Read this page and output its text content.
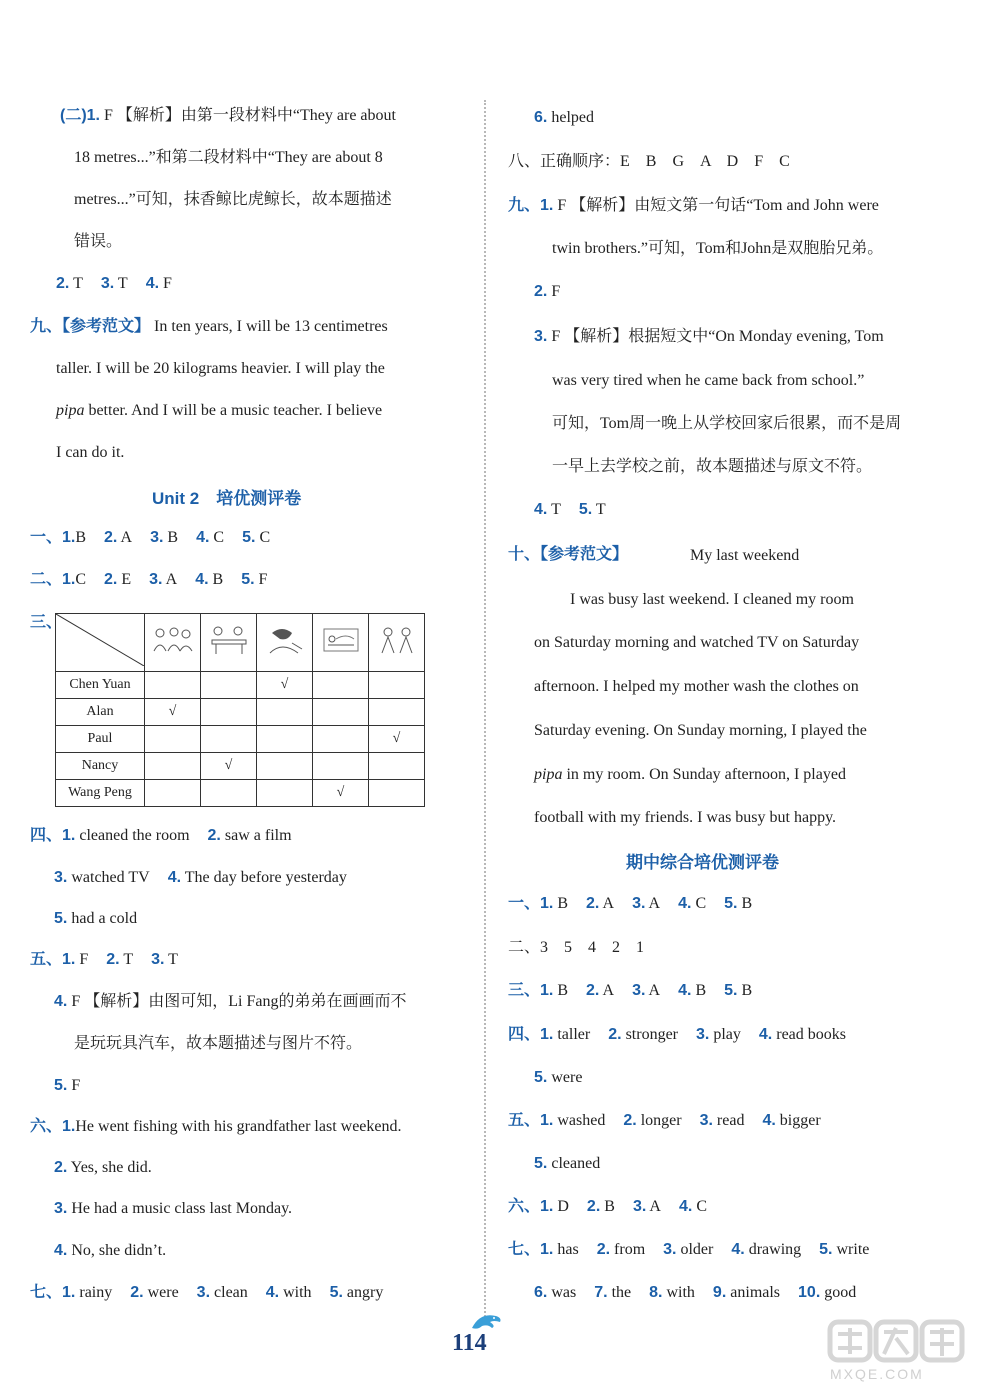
(二)1. F 【解析】由第一段材料中“They are about
18 metres...”和第二段材料中“They are about 8
metres...”可知，抹香鲸比虎鲸长，故本题描述
错误。
2. T 3. T 4. F
九、【参考范文】 In ten years, I will be 13 centimetres
taller. I will be 20 kilograms heavier. I will play the
pipa better. And I will be a music teacher. I believe
I can do it.
Unit 2　培优测评卷
一、1.B 2. A 3. B 4. C 5. C
二、1.C 2. E 3. A 4. B 5. F
三、

Chen Yuan			√		
Alan	√				
Paul					√
Nancy		√			
Wang Peng				√	
四、1. cleaned the room 2. saw a film
3. watched TV 4. The day before yesterday
5. had a cold
五、1. F 2. T 3. T
4. F 【解析】由图可知，Li Fang的弟弟在画画而不
是玩玩具汽车，故本题描述与图片不符。
5. F
六、1.He went fishing with his grandfather last weekend.
2. Yes, she did.
3. He had a music class last Monday.
4. No, she didn’t.
七、1. rainy 2. were 3. clean 4. with 5. angry
6. helped
八、正确顺序：E　B　G　A　D　F　C
九、1. F 【解析】由短文第一句话“Tom and John were
twin brothers.”可知，Tom和John是双胞胎兄弟。
2. F
3. F 【解析】根据短文中“On Monday evening, Tom
was very tired when he came back from school.”
可知，Tom周一晚上从学校回家后很累，而不是周
一早上去学校之前，故本题描述与原文不符。
4. T 5. T
十、【参考范文】	My last weekend
I was busy last weekend. I cleaned my room
on Saturday morning and watched TV on Saturday
afternoon. I helped my mother wash the clothes on
Saturday evening. On Sunday morning, I played the
pipa in my room. On Sunday afternoon, I played
football with my friends. I was busy but happy.
期中综合培优测评卷
一、1. B 2. A 3. A 4. C 5. B
二、3　5　4　2　1
三、1. B 2. A 3. A 4. B 5. B
四、1. taller 2. stronger 3. play 4. read books
5. were
五、1. washed 2. longer 3. read 4. bigger
5. cleaned
六、1. D 2. B 3. A 4. C
七、1. has 2. from 3. older 4. drawing 5. write
6. was 7. the 8. with 9. animals 10. good
114
MXQE.COM
